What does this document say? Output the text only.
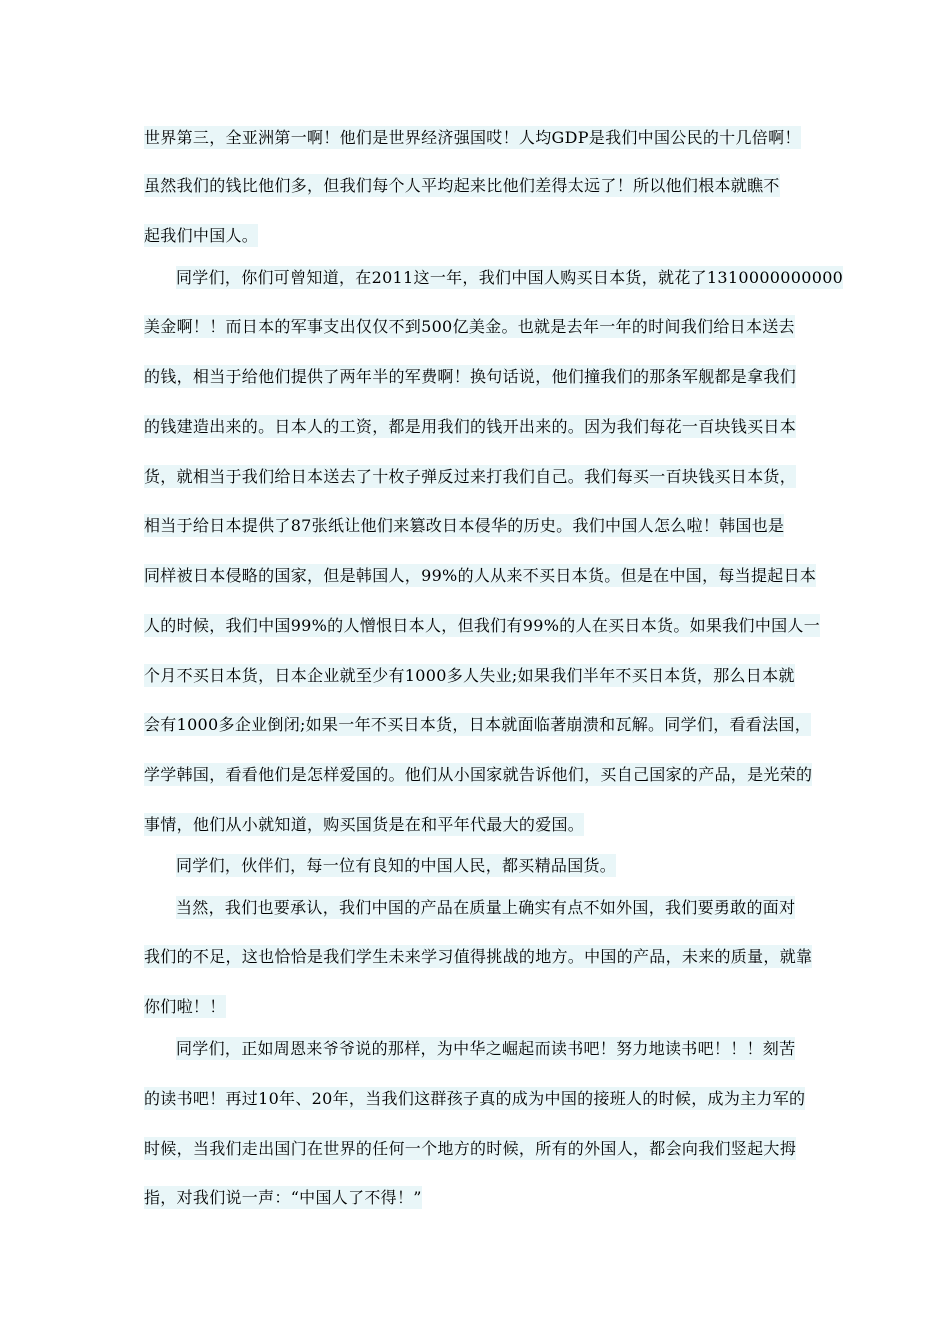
世界第三，全亚洲第一啊！他们是世界经济强国哎！人均GDP是我们中国公民的十几倍啊！
虽然我们的钱比他们多，但我们每个人平均起来比他们差得太远了！所以他们根本就瞧不
起我们中国人。
同学们，你们可曾知道，在2011这一年，我们中国人购买日本货，就花了1310000000000
美金啊！！而日本的军事支出仅仅不到500亿美金。也就是去年一年的时间我们给日本送去
的钱，相当于给他们提供了两年半的军费啊！换句话说，他们撞我们的那条军舰都是拿我们
的钱建造出来的。日本人的工资，都是用我们的钱开出来的。因为我们每花一百块钱买日本
货，就相当于我们给日本送去了十枚子弹反过来打我们自己。我们每买一百块钱买日本货，
相当于给日本提供了87张纸让他们来篡改日本侵华的历史。我们中国人怎么啦！韩国也是
同样被日本侵略的国家，但是韩国人，99%的人从来不买日本货。但是在中国，每当提起日本
人的时候，我们中国99%的人憎恨日本人，但我们有99%的人在买日本货。如果我们中国人一
个月不买日本货，日本企业就至少有1000多人失业;如果我们半年不买日本货，那么日本就
会有1000多企业倒闭;如果一年不买日本货，日本就面临著崩溃和瓦解。同学们，看看法国，
学学韩国，看看他们是怎样爱国的。他们从小国家就告诉他们，买自己国家的产品，是光荣的
事情，他们从小就知道，购买国货是在和平年代最大的爱国。
同学们，伙伴们，每一位有良知的中国人民，都买精品国货。
当然，我们也要承认，我们中国的产品在质量上确实有点不如外国，我们要勇敢的面对
我们的不足，这也恰恰是我们学生未来学习值得挑战的地方。中国的产品，未来的质量，就靠
你们啦！！
同学们，正如周恩来爷爷说的那样，为中华之崛起而读书吧！努力地读书吧！！！刻苦
的读书吧！再过10年、20年，当我们这群孩子真的成为中国的接班人的时候，成为主力军的
时候，当我们走出国门在世界的任何一个地方的时候，所有的外国人，都会向我们竖起大拇
指，对我们说一声：“中国人了不得！”
